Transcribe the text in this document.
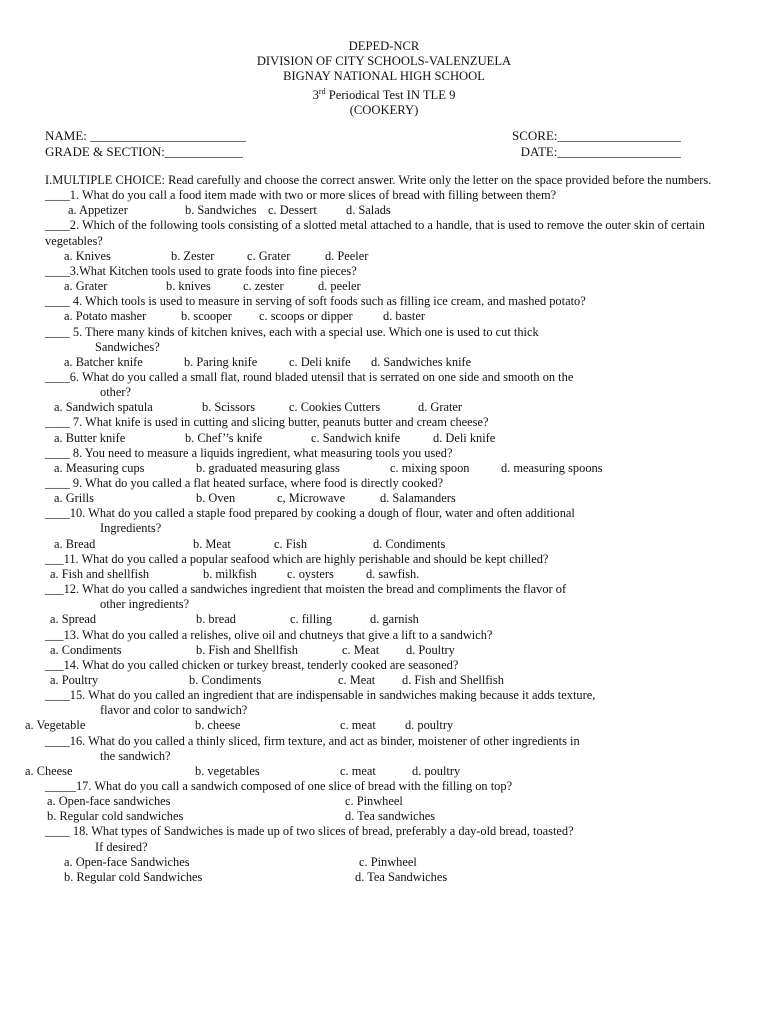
DEPED-NCR
DIVISION OF CITY SCHOOLS-VALENZUELA
BIGNAY NATIONAL HIGH SCHOOL
3rd Periodical Test IN TLE 9
(COOKERY)
NAME: ________________________	SCORE:___________________
GRADE & SECTION:____________	DATE:___________________

I.MULTIPLE CHOICE: Read carefully and choose the correct answer. Write only the letter on the space provided before the numbers.

____1. What do you call a food item made with two or more slices of bread with filling between them?

a. Appetizer	b. Sandwiches c. Dessert d. Salads

____2. Which of the following tools consisting of a slotted metal attached to a handle, that is used to remove the outer skin of certain vegetables?

a. Knives	b. Zester	c. Grater	d. Peeler

____3.What Kitchen tools used to grate foods into fine pieces?

a. Grater	b. knives	c. zester	d. peeler

____ 4. Which tools is used to measure in serving of soft foods such as filling ice cream, and mashed potato?

a. Potato masher	b. scooper c. scoops or dipper d. baster

____ 5. There many kinds of kitchen knives, each with a special use. Which one is used to cut thick

Sandwiches?

a. Batcher knife	b. Paring knife	c. Deli knife d. Sandwiches knife

____6. What do you called a small flat, round bladed utensil that is serrated on one side and smooth on the

other?

a. Sandwich spatula	b. Scissors	c. Cookies Cutters	d. Grater

____ 7. What knife is used in cutting and slicing butter, peanuts butter and cream cheese?

a. Butter knife	b. Chef’’s knife	c. Sandwich knife	d. Deli knife

____ 8. You need to measure a liquids ingredient, what measuring tools you used?

a. Measuring cups	b. graduated measuring glass	c. mixing spoon	d. measuring spoons

____ 9. What do you called a flat heated surface, where food is directly cooked?

a. Grills	b. Oven	c, Microwave	d. Salamanders

____10. What do you called a staple food prepared by cooking a dough of flour, water and often additional

Ingredients?

a. Bread	b. Meat	c. Fish	d. Condiments

___11. What do you called a popular seafood which are highly perishable and should be kept chilled?

a. Fish and shellfish	b. milkfish c. oysters	d. sawfish.

___12. What do you called a sandwiches ingredient that moisten the bread and compliments the flavor of

other ingredients?

a. Spread	b. bread	c. filling	d. garnish

___13. What do you called a relishes, olive oil and chutneys that give a lift to a sandwich?

a. Condiments	b. Fish and Shellfish	c. Meat d. Poultry

___14. What do you called chicken or turkey breast, tenderly cooked are seasoned?

a. Poultry	b. Condiments	c. Meat d. Fish and Shellfish

____15. What do you called an ingredient that are indispensable in sandwiches making because it adds texture,

flavor and color to sandwich?

a. Vegetable	b. cheese	c. meat d. poultry

____16. What do you called a thinly sliced, firm texture, and act as binder, moistener of other ingredients in

the sandwich?

a. Cheese	b. vegetables	c. meat	d. poultry

_____17. What do you call a sandwich composed of one slice of bread with the filling on top?

a. Open-face sandwiches	c. Pinwheel
b. Regular cold sandwiches	d. Tea sandwiches

____ 18. What types of Sandwiches is made up of two slices of bread, preferably a day-old bread, toasted?

If desired?

a. Open-face Sandwiches	c. Pinwheel
b. Regular cold Sandwiches	d. Tea Sandwiches
